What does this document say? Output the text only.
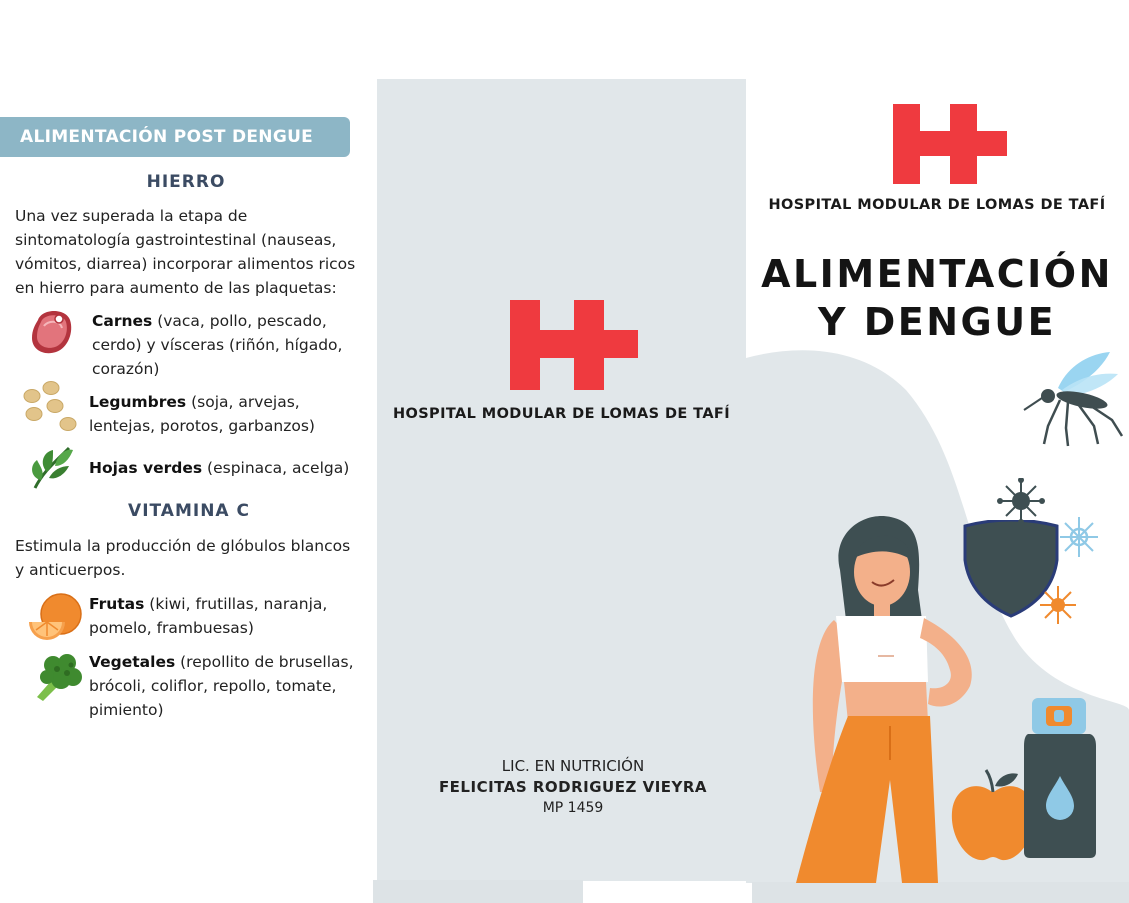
ALIMENTACIÓN POST DENGUE
HIERRO
Una vez superada la etapa de
sintomatología gastrointestinal (nauseas,
vómitos, diarrea) incorporar alimentos ricos
en hierro para aumento de las plaquetas:
Carnes (vaca, pollo, pescado,
cerdo) y vísceras (riñón, hígado,
corazón)
Legumbres (soja, arvejas,
lentejas, porotos, garbanzos)
Hojas verdes (espinaca, acelga)
VITAMINA C
Estimula la producción de glóbulos blancos
y anticuerpos.
Frutas (kiwi, frutillas, naranja,
pomelo, frambuesas)
Vegetales (repollito de brusellas,
brócoli, coliflor, repollo, tomate,
pimiento)
HOSPITAL MODULAR DE LOMAS DE TAFÍ
LIC. EN NUTRICIÓN
FELICITAS RODRIGUEZ VIEYRA
MP 1459
HOSPITAL MODULAR DE LOMAS DE TAFÍ
ALIMENTACIÓN
Y DENGUE
